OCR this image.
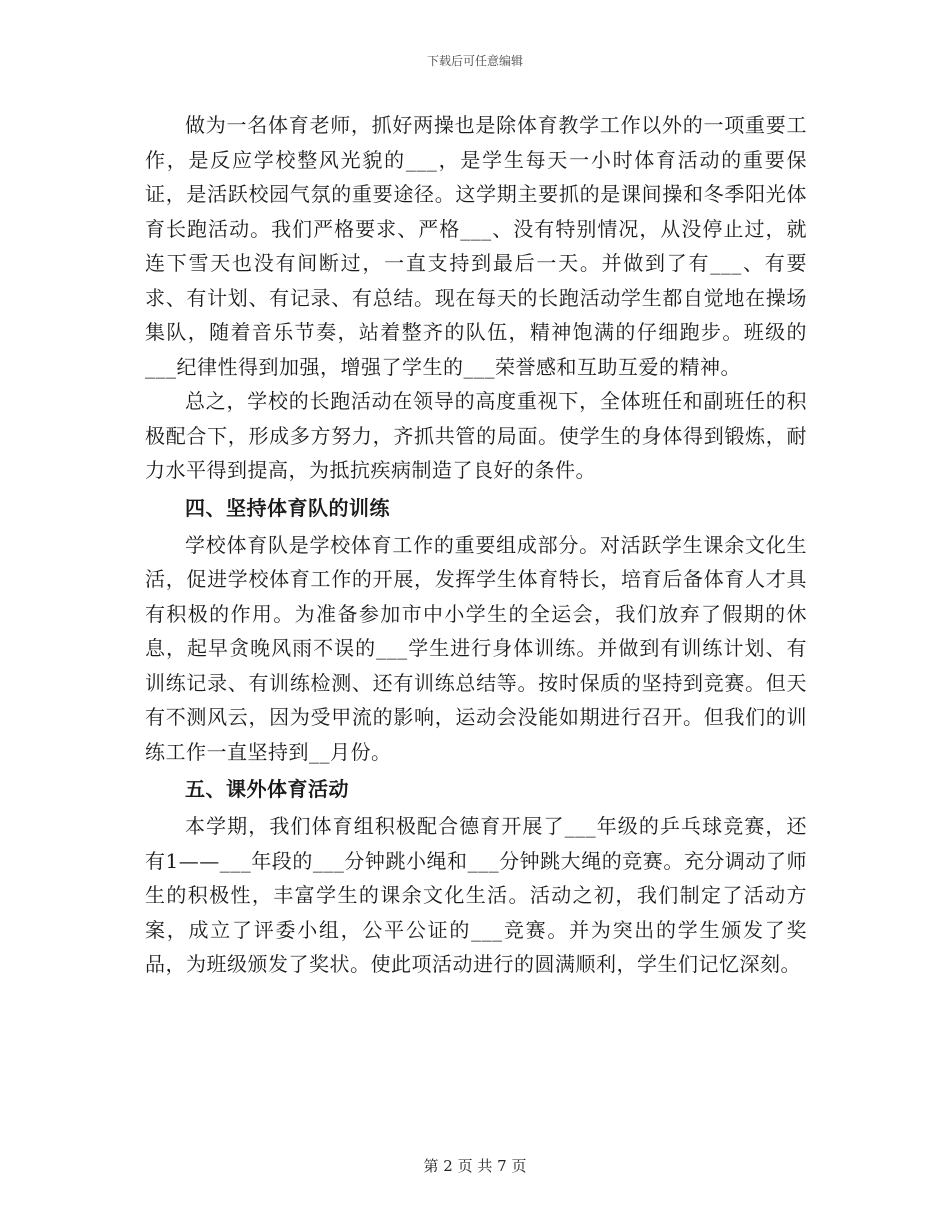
下载后可任意编辑

做为一名体育老师，抓好两操也是除体育教学工作以外的一项重要工作，是反应学校整风光貌的___，是学生每天一小时体育活动的重要保证，是活跃校园气氛的重要途径。这学期主要抓的是课间操和冬季阳光体育长跑活动。我们严格要求、严格___、没有特别情况，从没停止过，就连下雪天也没有间断过，一直支持到最后一天。并做到了有___、有要求、有计划、有记录、有总结。现在每天的长跑活动学生都自觉地在操场集队，随着音乐节奏，站着整齐的队伍，精神饱满的仔细跑步。班级的___纪律性得到加强，增强了学生的___荣誉感和互助互爱的精神。

总之，学校的长跑活动在领导的高度重视下，全体班任和副班任的积极配合下，形成多方努力，齐抓共管的局面。使学生的身体得到锻炼，耐力水平得到提高，为抵抗疾病制造了良好的条件。

四、坚持体育队的训练

学校体育队是学校体育工作的重要组成部分。对活跃学生课余文化生活，促进学校体育工作的开展，发挥学生体育特长，培育后备体育人才具有积极的作用。为准备参加市中小学生的全运会，我们放弃了假期的休息，起早贪晚风雨不误的___学生进行身体训练。并做到有训练计划、有训练记录、有训练检测、还有训练总结等。按时保质的坚持到竞赛。但天有不测风云，因为受甲流的影响，运动会没能如期进行召开。但我们的训练工作一直坚持到__月份。

五、课外体育活动

本学期，我们体育组积极配合德育开展了___年级的乒乓球竞赛，还有1——___年段的___分钟跳小绳和___分钟跳大绳的竞赛。充分调动了师生的积极性，丰富学生的课余文化生活。活动之初，我们制定了活动方案，成立了评委小组，公平公证的___竞赛。并为突出的学生颁发了奖品，为班级颁发了奖状。使此项活动进行的圆满顺利，学生们记忆深刻。

第 2 页 共 7 页
